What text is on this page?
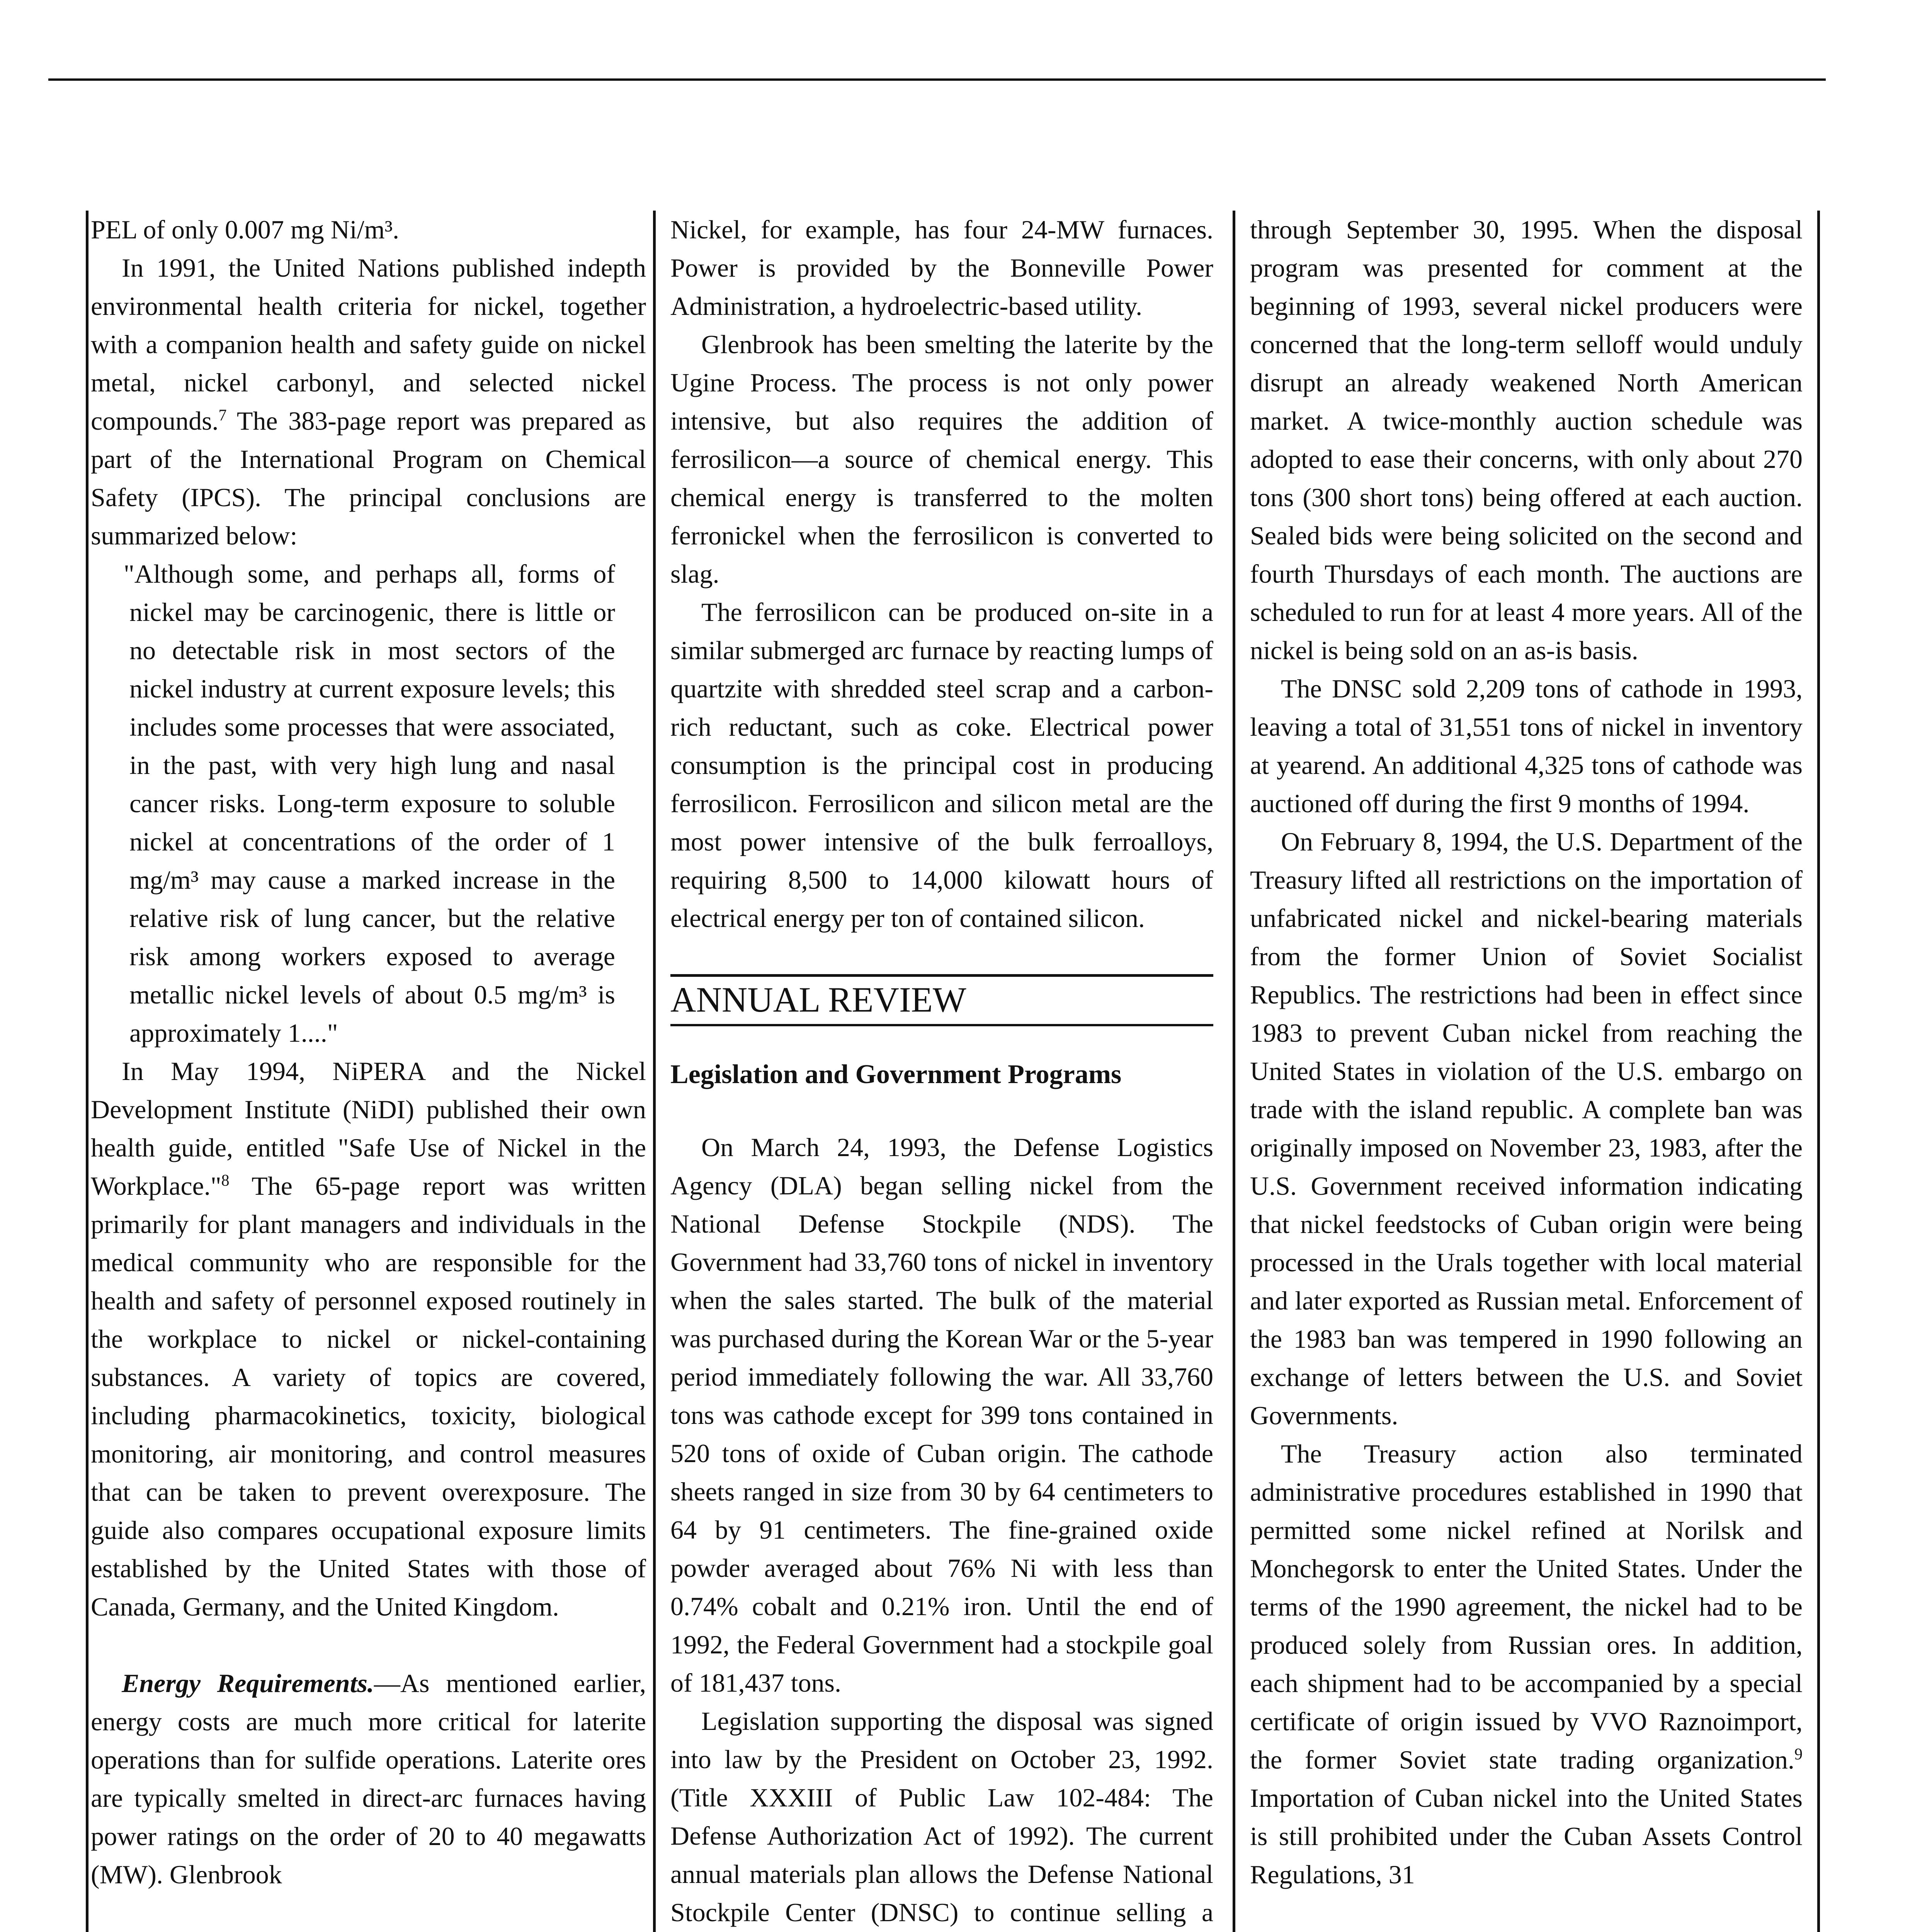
PEL of only 0.007 mg Ni/m³.

In 1991, the United Nations published indepth environmental health criteria for nickel, together with a companion health and safety guide on nickel metal, nickel carbonyl, and selected nickel compounds.$^7$ The 383-page report was prepared as part of the International Program on Chemical Safety (IPCS). The principal conclusions are summarized below:

"Although some, and perhaps all, forms of nickel may be carcinogenic, there is little or no detectable risk in most sectors of the nickel industry at current exposure levels; this includes some processes that were associated, in the past, with very high lung and nasal cancer risks. Long-term exposure to soluble nickel at concentrations of the order of 1 mg/m³ may cause a marked increase in the relative risk of lung cancer, but the relative risk among workers exposed to average metallic nickel levels of about 0.5 mg/m³ is approximately 1...."

In May 1994, NiPERA and the Nickel Development Institute (NiDI) published their own health guide, entitled "Safe Use of Nickel in the Workplace."$^8$ The 65-page report was written primarily for plant managers and individuals in the medical community who are responsible for the health and safety of personnel exposed routinely in the workplace to nickel or nickel-containing substances. A variety of topics are covered, including pharmacokinetics, toxicity, biological monitoring, air monitoring, and control measures that can be taken to prevent overexposure. The guide also compares occupational exposure limits established by the United States with those of Canada, Germany, and the United Kingdom.

Energy Requirements.—As mentioned earlier, energy costs are much more critical for laterite operations than for sulfide operations. Laterite ores are typically smelted in direct-arc furnaces having power ratings on the order of 20 to 40 megawatts (MW). Glenbrook

Nickel, for example, has four 24-MW furnaces. Power is provided by the Bonneville Power Administration, a hydroelectric-based utility.

Glenbrook has been smelting the laterite by the Ugine Process. The process is not only power intensive, but also requires the addition of ferrosilicon—a source of chemical energy. This chemical energy is transferred to the molten ferronickel when the ferrosilicon is converted to slag.

The ferrosilicon can be produced on-site in a similar submerged arc furnace by reacting lumps of quartzite with shredded steel scrap and a carbon-rich reductant, such as coke. Electrical power consumption is the principal cost in producing ferrosilicon. Ferrosilicon and silicon metal are the most power intensive of the bulk ferroalloys, requiring 8,500 to 14,000 kilowatt hours of electrical energy per ton of contained silicon.

ANNUAL REVIEW
Legislation and Government Programs

On March 24, 1993, the Defense Logistics Agency (DLA) began selling nickel from the National Defense Stockpile (NDS). The Government had 33,760 tons of nickel in inventory when the sales started. The bulk of the material was purchased during the Korean War or the 5-year period immediately following the war. All 33,760 tons was cathode except for 399 tons contained in 520 tons of oxide of Cuban origin. The cathode sheets ranged in size from 30 by 64 centimeters to 64 by 91 centimeters. The fine-grained oxide powder averaged about 76% Ni with less than 0.74% cobalt and 0.21% iron. Until the end of 1992, the Federal Government had a stockpile goal of 181,437 tons.

Legislation supporting the disposal was signed into law by the President on October 23, 1992. (Title XXXIII of Public Law 102-484: The Defense Authorization Act of 1992). The current annual materials plan allows the Defense National Stockpile Center (DNSC) to continue selling a

through September 30, 1995. When the disposal program was presented for comment at the beginning of 1993, several nickel producers were concerned that the long-term selloff would unduly disrupt an already weakened North American market. A twice-monthly auction schedule was adopted to ease their concerns, with only about 270 tons (300 short tons) being offered at each auction. Sealed bids were being solicited on the second and fourth Thursdays of each month. The auctions are scheduled to run for at least 4 more years. All of the nickel is being sold on an as-is basis.

The DNSC sold 2,209 tons of cathode in 1993, leaving a total of 31,551 tons of nickel in inventory at yearend. An additional 4,325 tons of cathode was auctioned off during the first 9 months of 1994.

On February 8, 1994, the U.S. Department of the Treasury lifted all restrictions on the importation of unfabricated nickel and nickel-bearing materials from the former Union of Soviet Socialist Republics. The restrictions had been in effect since 1983 to prevent Cuban nickel from reaching the United States in violation of the U.S. embargo on trade with the island republic. A complete ban was originally imposed on November 23, 1983, after the U.S. Government received information indicating that nickel feedstocks of Cuban origin were being processed in the Urals together with local material and later exported as Russian metal. Enforcement of the 1983 ban was tempered in 1990 following an exchange of letters between the U.S. and Soviet Governments.

The Treasury action also terminated administrative procedures established in 1990 that permitted some nickel refined at Norilsk and Monchegorsk to enter the United States. Under the terms of the 1990 agreement, the nickel had to be produced solely from Russian ores. In addition, each shipment had to be accompanied by a special certificate of origin issued by VVO Raznoimport, the former Soviet state trading organization.$^9$ Importation of Cuban nickel into the United States is still prohibited under the Cuban Assets Control Regulations, 31
